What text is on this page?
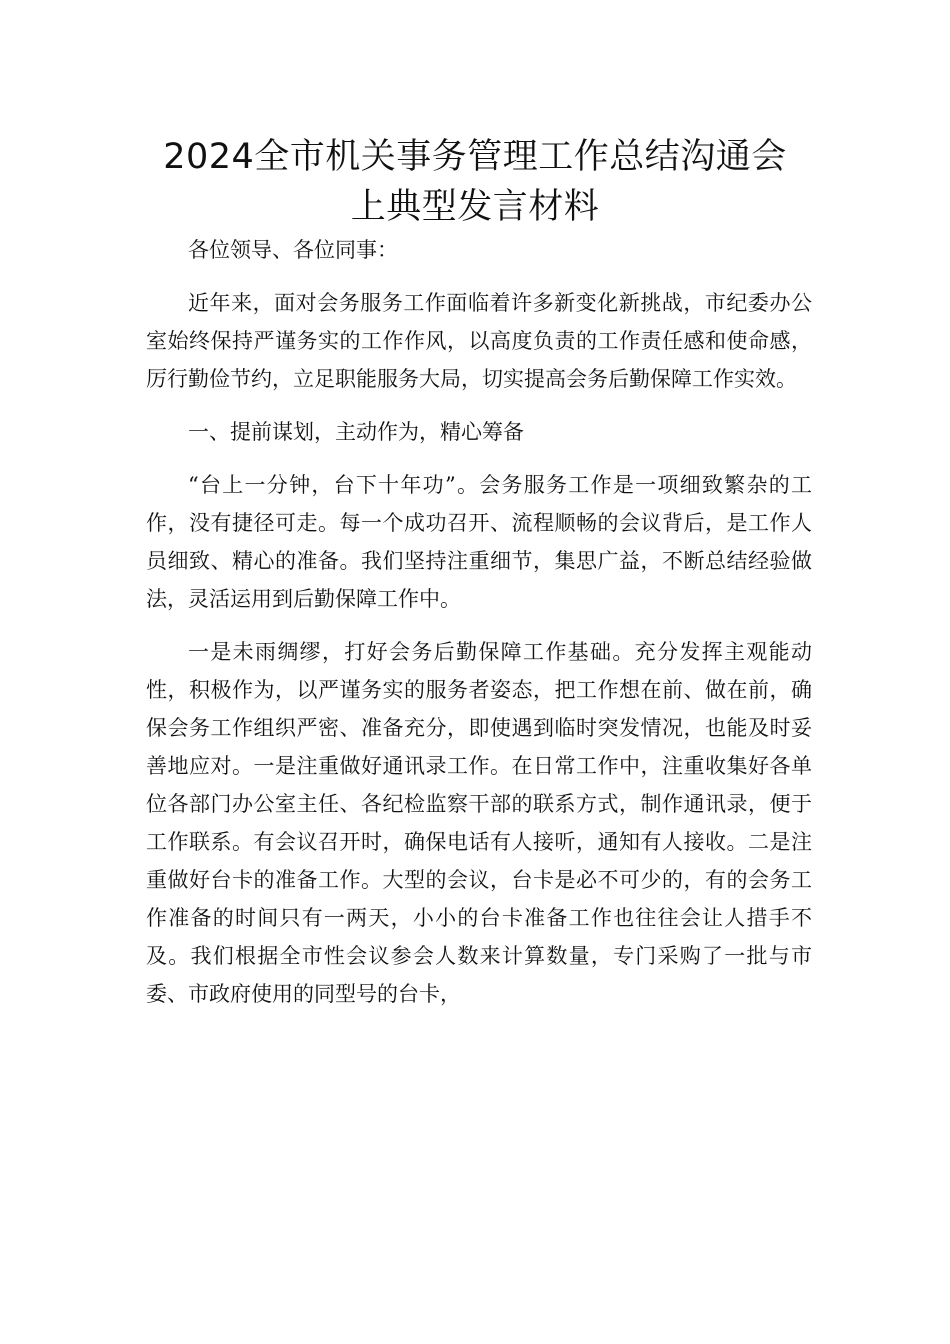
2024全市机关事务管理工作总结沟通会
上典型发言材料

各位领导、各位同事：

近年来，面对会务服务工作面临着许多新变化新挑战，市纪委办公室始终保持严谨务实的工作作风，以高度负责的工作责任感和使命感，厉行勤俭节约，立足职能服务大局，切实提高会务后勤保障工作实效。

一、提前谋划，主动作为，精心筹备

“台上一分钟，台下十年功”。会务服务工作是一项细致繁杂的工作，没有捷径可走。每一个成功召开、流程顺畅的会议背后，是工作人员细致、精心的准备。我们坚持注重细节，集思广益，不断总结经验做法，灵活运用到后勤保障工作中。

一是未雨绸缪，打好会务后勤保障工作基础。充分发挥主观能动性，积极作为，以严谨务实的服务者姿态，把工作想在前、做在前，确保会务工作组织严密、准备充分，即使遇到临时突发情况，也能及时妥善地应对。一是注重做好通讯录工作。在日常工作中，注重收集好各单位各部门办公室主任、各纪检监察干部的联系方式，制作通讯录，便于工作联系。有会议召开时，确保电话有人接听，通知有人接收。二是注重做好台卡的准备工作。大型的会议，台卡是必不可少的，有的会务工作准备的时间只有一两天，小小的台卡准备工作也往往会让人措手不及。我们根据全市性会议参会人数来计算数量，专门采购了一批与市委、市政府使用的同型号的台卡，
